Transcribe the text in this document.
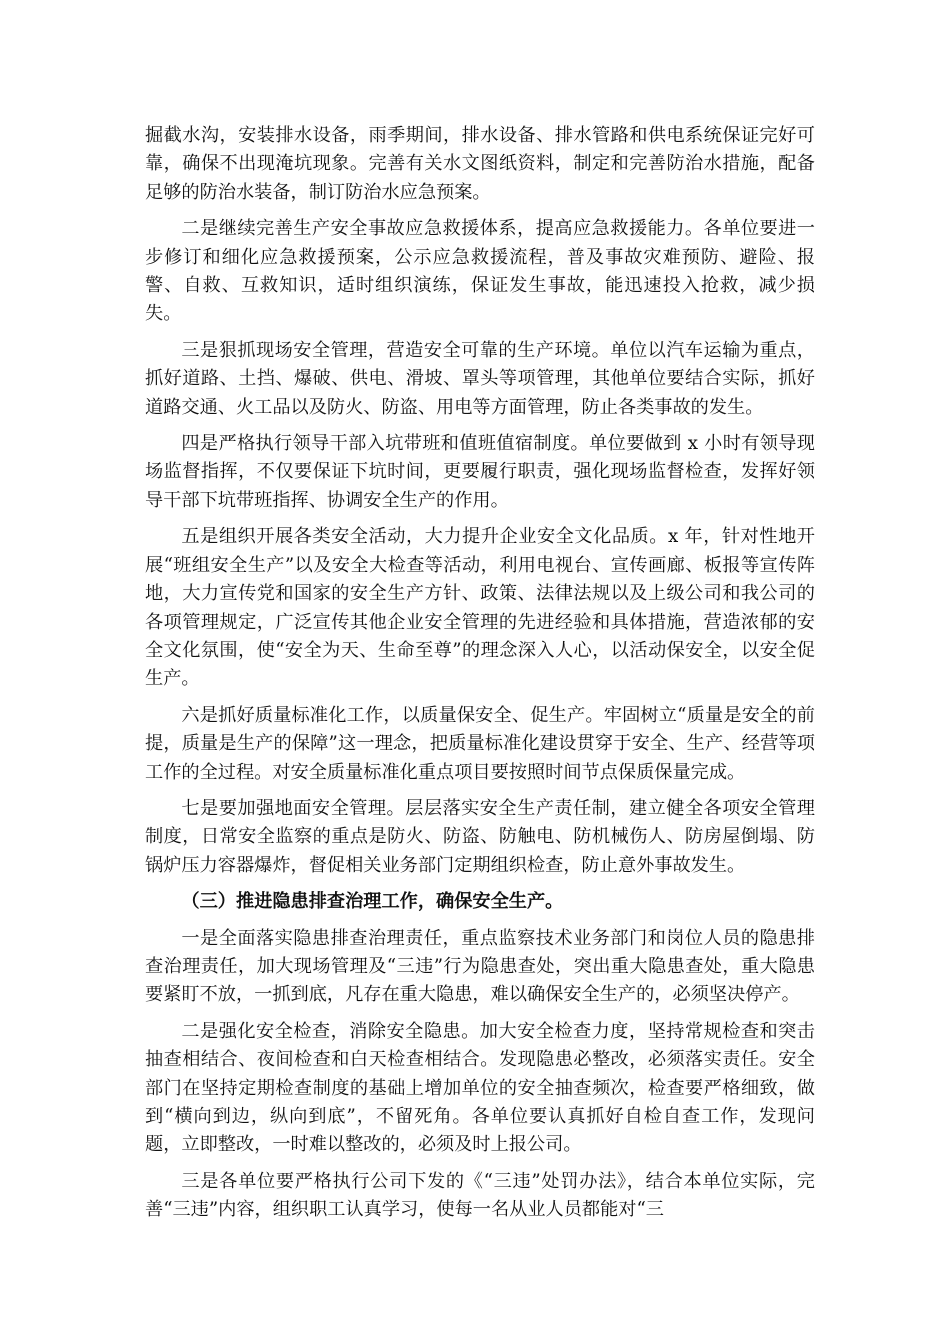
掘截水沟，安装排水设备，雨季期间，排水设备、排水管路和供电系统保证完好可靠，确保不出现淹坑现象。完善有关水文图纸资料，制定和完善防治水措施，配备足够的防治水装备，制订防治水应急预案。

二是继续完善生产安全事故应急救援体系，提高应急救援能力。各单位要进一步修订和细化应急救援预案，公示应急救援流程，普及事故灾难预防、避险、报警、自救、互救知识，适时组织演练，保证发生事故，能迅速投入抢救，减少损失。

三是狠抓现场安全管理，营造安全可靠的生产环境。单位以汽车运输为重点，抓好道路、土挡、爆破、供电、滑坡、罩头等项管理，其他单位要结合实际，抓好道路交通、火工品以及防火、防盗、用电等方面管理，防止各类事故的发生。

四是严格执行领导干部入坑带班和值班值宿制度。单位要做到 x 小时有领导现场监督指挥，不仅要保证下坑时间，更要履行职责，强化现场监督检查，发挥好领导干部下坑带班指挥、协调安全生产的作用。

五是组织开展各类安全活动，大力提升企业安全文化品质。x 年，针对性地开展“班组安全生产”以及安全大检查等活动，利用电视台、宣传画廊、板报等宣传阵地，大力宣传党和国家的安全生产方针、政策、法律法规以及上级公司和我公司的各项管理规定，广泛宣传其他企业安全管理的先进经验和具体措施，营造浓郁的安全文化氛围，使“安全为天、生命至尊”的理念深入人心，以活动保安全，以安全促生产。

六是抓好质量标准化工作，以质量保安全、促生产。牢固树立“质量是安全的前提，质量是生产的保障”这一理念，把质量标准化建设贯穿于安全、生产、经营等项工作的全过程。对安全质量标准化重点项目要按照时间节点保质保量完成。

七是要加强地面安全管理。层层落实安全生产责任制，建立健全各项安全管理制度，日常安全监察的重点是防火、防盗、防触电、防机械伤人、防房屋倒塌、防锅炉压力容器爆炸，督促相关业务部门定期组织检查，防止意外事故发生。

（三）推进隐患排查治理工作，确保安全生产。

一是全面落实隐患排查治理责任，重点监察技术业务部门和岗位人员的隐患排查治理责任，加大现场管理及“三违”行为隐患查处，突出重大隐患查处，重大隐患要紧盯不放，一抓到底，凡存在重大隐患，难以确保安全生产的，必须坚决停产。

二是强化安全检查，消除安全隐患。加大安全检查力度，坚持常规检查和突击抽查相结合、夜间检查和白天检查相结合。发现隐患必整改，必须落实责任。安全部门在坚持定期检查制度的基础上增加单位的安全抽查频次，检查要严格细致，做到“横向到边，纵向到底”，不留死角。各单位要认真抓好自检自查工作，发现问题，立即整改，一时难以整改的，必须及时上报公司。

三是各单位要严格执行公司下发的《“三违”处罚办法》，结合本单位实际，完善“三违”内容，组织职工认真学习，使每一名从业人员都能对“三
